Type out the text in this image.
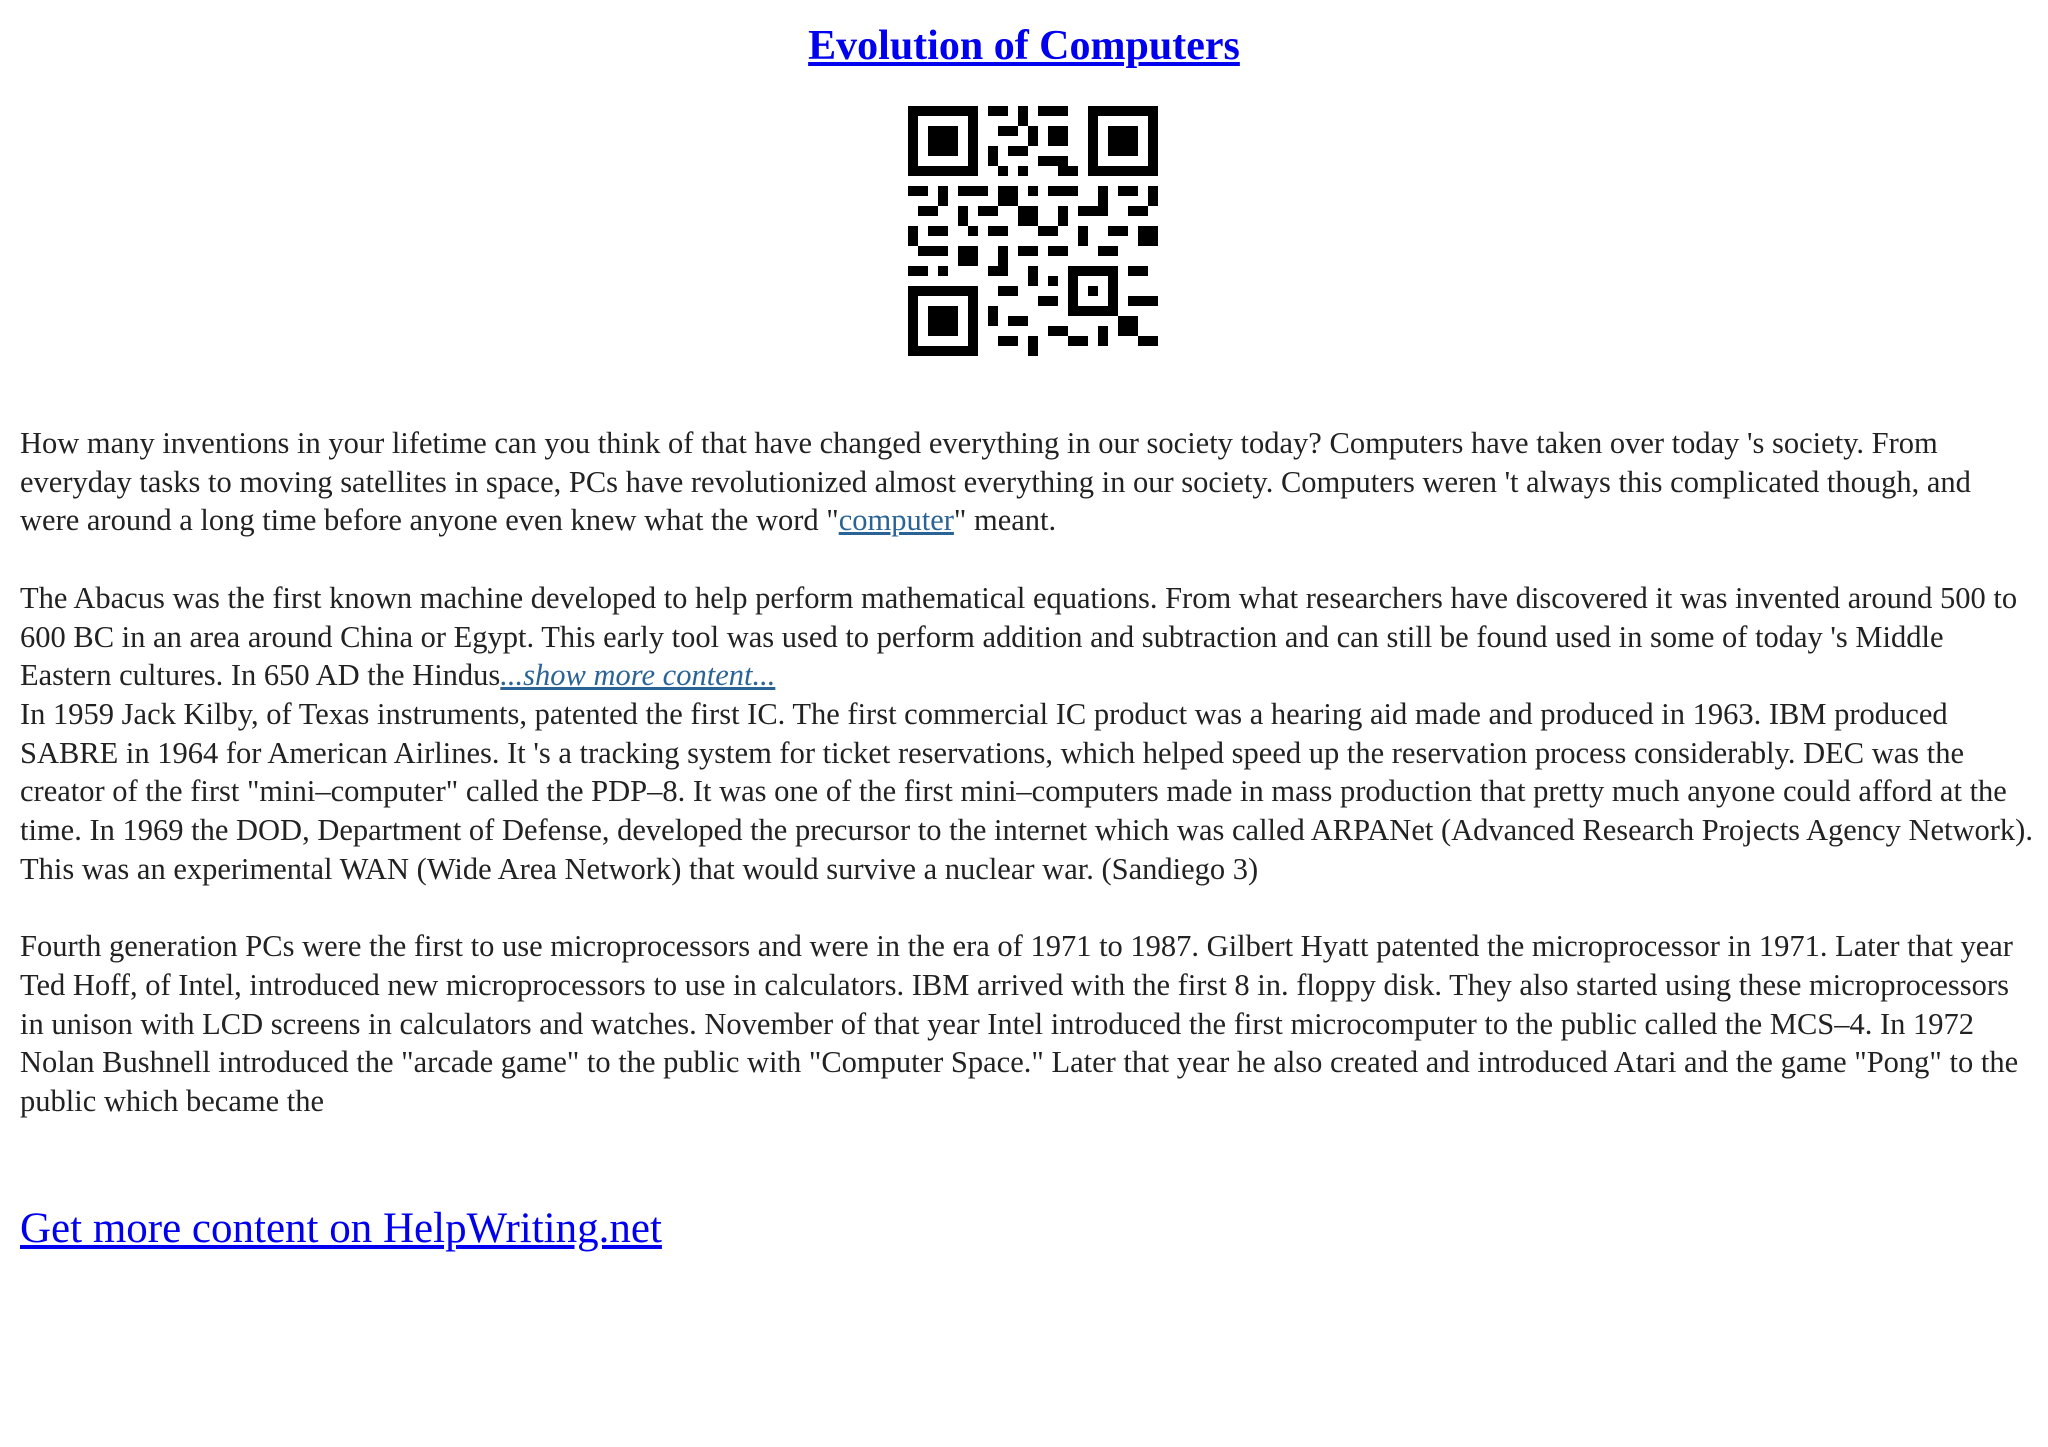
Evolution of Computers

How many inventions in your lifetime can you think of that have changed everything in our society today? Computers have taken over today 's society. From everyday tasks to moving satellites in space, PCs have revolutionized almost everything in our society. Computers weren 't always this complicated though, and were around a long time before anyone even knew what the word "computer" meant.

The Abacus was the first known machine developed to help perform mathematical equations. From what researchers have discovered it was invented around 500 to 600 BC in an area around China or Egypt. This early tool was used to perform addition and subtraction and can still be found used in some of today 's Middle Eastern cultures. In 650 AD the Hindus...show more content...

In 1959 Jack Kilby, of Texas instruments, patented the first IC. The first commercial IC product was a hearing aid made and produced in 1963. IBM produced SABRE in 1964 for American Airlines. It 's a tracking system for ticket reservations, which helped speed up the reservation process considerably. DEC was the creator of the first "mini–computer" called the PDP–8. It was one of the first mini–computers made in mass production that pretty much anyone could afford at the time. In 1969 the DOD, Department of Defense, developed the precursor to the internet which was called ARPANet (Advanced Research Projects Agency Network). This was an experimental WAN (Wide Area Network) that would survive a nuclear war. (Sandiego 3)

Fourth generation PCs were the first to use microprocessors and were in the era of 1971 to 1987. Gilbert Hyatt patented the microprocessor in 1971. Later that year Ted Hoff, of Intel, introduced new microprocessors to use in calculators. IBM arrived with the first 8 in. floppy disk. They also started using these microprocessors in unison with LCD screens in calculators and watches. November of that year Intel introduced the first microcomputer to the public called the MCS–4. In 1972 Nolan Bushnell introduced the "arcade game" to the public with "Computer Space." Later that year he also created and introduced Atari and the game "Pong" to the public which became the

Get more content on HelpWriting.net
